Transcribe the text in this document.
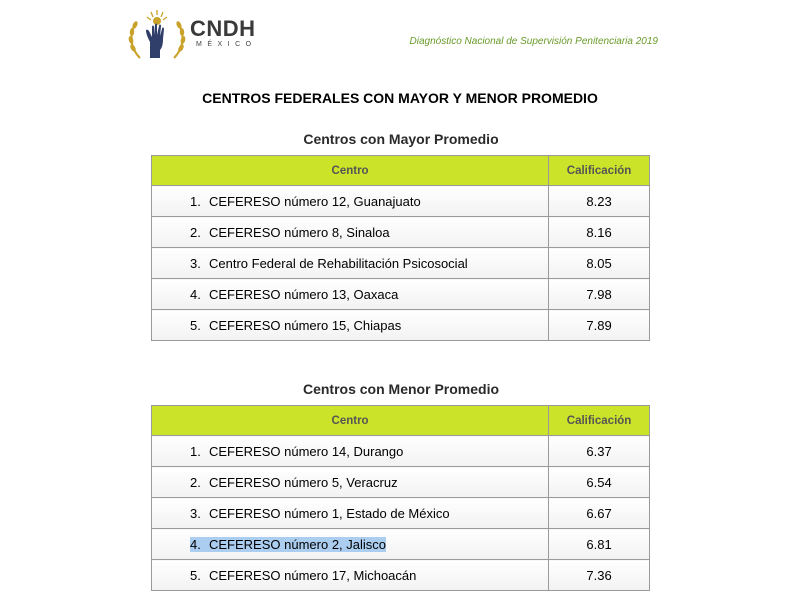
CNDH
MÉXICO	Diagnóstico Nacional de Supervisión Penitenciaria 2019
CENTROS FEDERALES CON MAYOR Y MENOR PROMEDIO
Centros con Mayor Promedio
Centro	Calificación
1. CEFERESO número 12, Guanajuato	8.23
2. CEFERESO número 8, Sinaloa	8.16
3. Centro Federal de Rehabilitación Psicosocial	8.05
4. CEFERESO número 13, Oaxaca	7.98
5. CEFERESO número 15, Chiapas	7.89
Centros con Menor Promedio
Centro	Calificación
1. CEFERESO número 14, Durango	6.37
2. CEFERESO número 5, Veracruz	6.54
3. CEFERESO número 1, Estado de México	6.67
4. CEFERESO número 2, Jalisco	6.81
5. CEFERESO número 17, Michoacán	7.36
